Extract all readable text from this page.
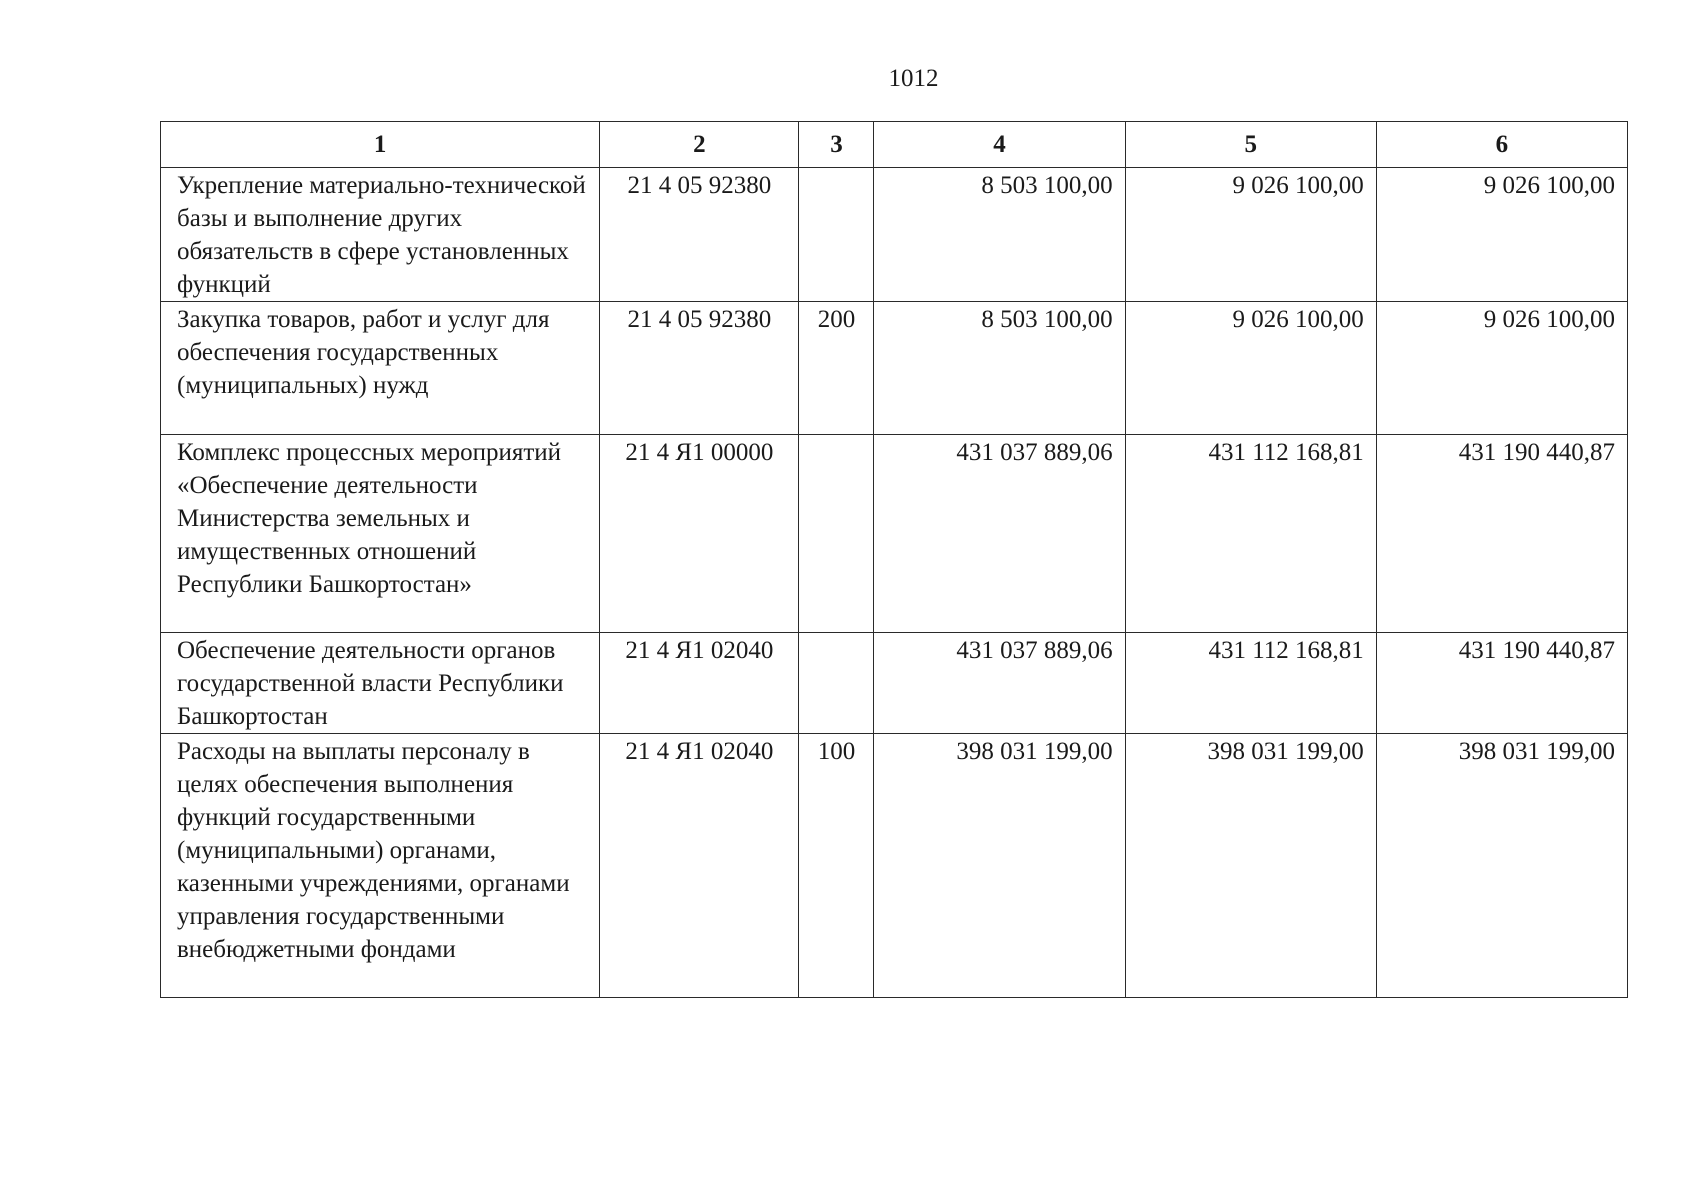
1012
1	2	3	4	5	6
Укрепление материально-технической базы и выполнение других обязательств в сфере установленных функций	21 4 05 92380		8 503 100,00	9 026 100,00	9 026 100,00
Закупка товаров, работ и услуг для обеспечения государственных (муниципальных) нужд	21 4 05 92380	200	8 503 100,00	9 026 100,00	9 026 100,00
Комплекс процессных мероприятий «Обеспечение деятельности Министерства земельных и имущественных отношений Республики Башкортостан»	21 4 Я1 00000		431 037 889,06	431 112 168,81	431 190 440,87
Обеспечение деятельности органов государственной власти Республики Башкортостан	21 4 Я1 02040		431 037 889,06	431 112 168,81	431 190 440,87
Расходы на выплаты персоналу в целях обеспечения выполнения функций государственными (муниципальными) органами, казенными учреждениями, органами управления государственными внебюджетными фондами	21 4 Я1 02040	100	398 031 199,00	398 031 199,00	398 031 199,00
